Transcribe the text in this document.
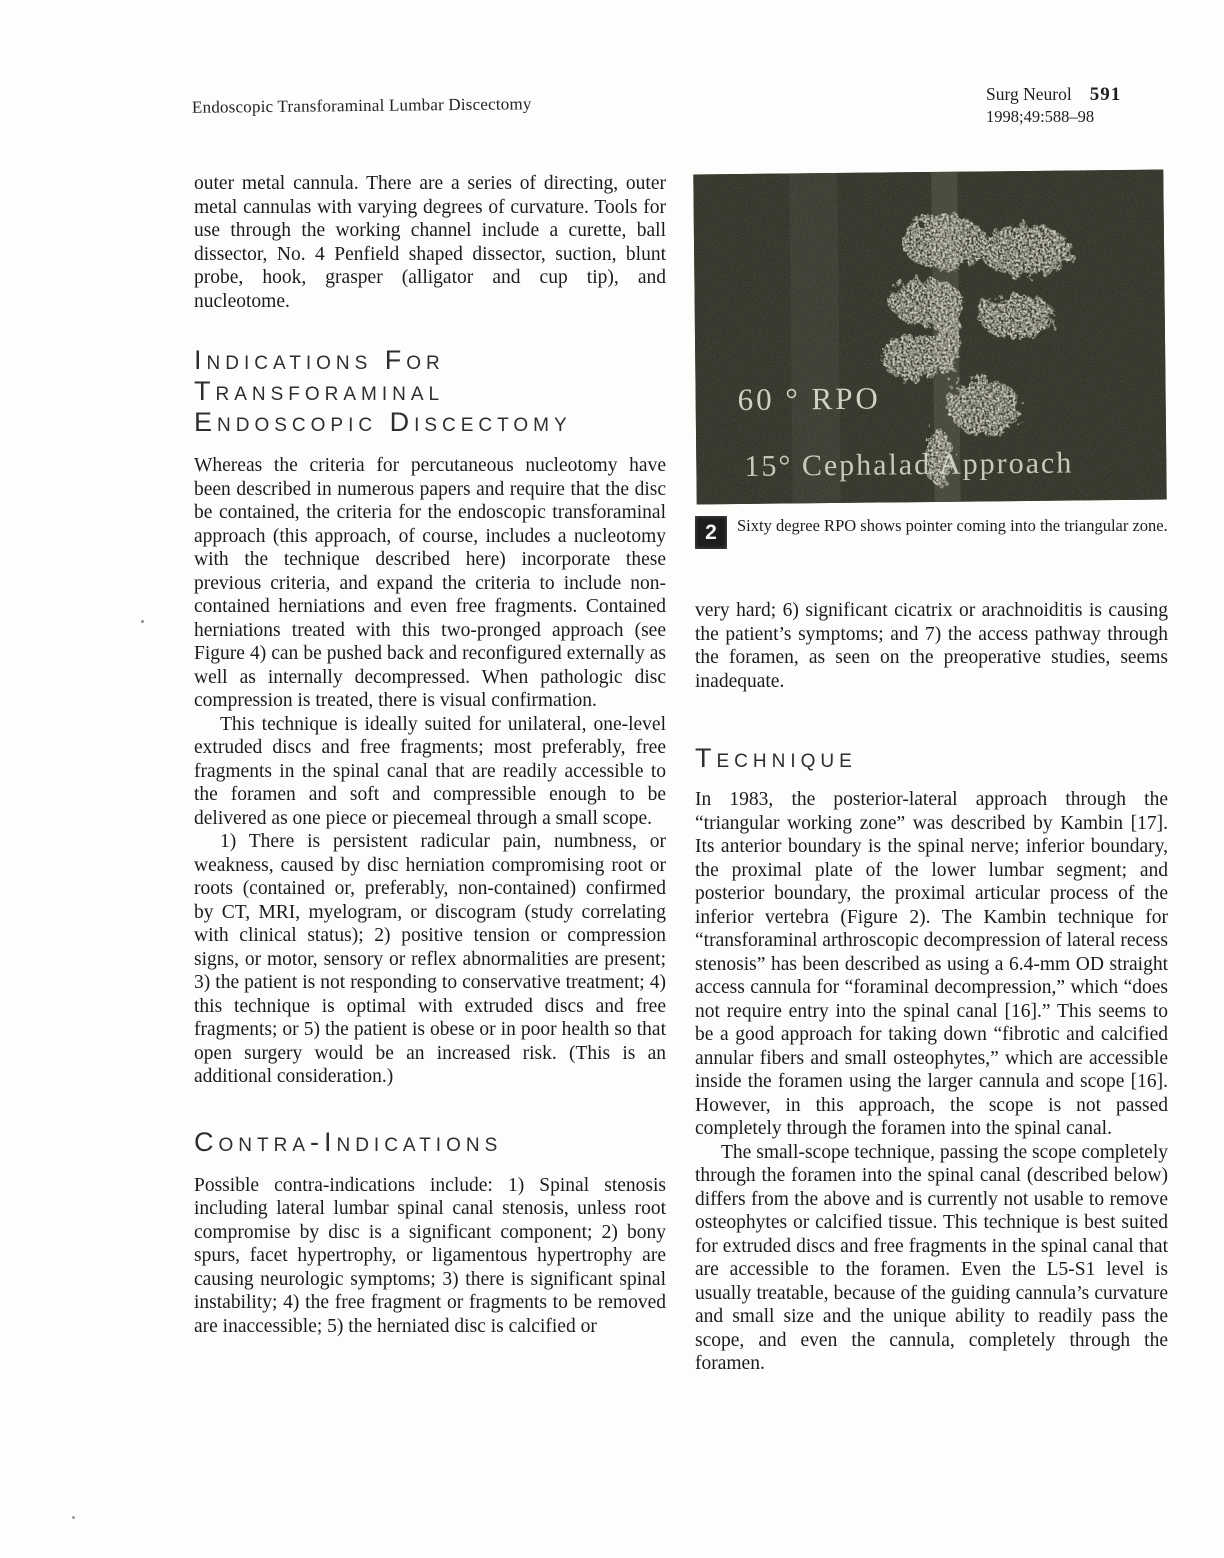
Endoscopic Transforaminal Lumbar Discectomy
Surg Neurol 591
1998;49:588–98

outer metal cannula. There are a series of directing, outer metal cannulas with varying degrees of curvature. Tools for use through the working channel include a curette, ball dissector, No. 4 Penfield shaped dissector, suction, blunt probe, hook, grasper (alligator and cup tip), and nucleotome.

Indications For
Transforaminal
Endoscopic Discectomy

Whereas the criteria for percutaneous nucleotomy have been described in numerous papers and require that the disc be contained, the criteria for the endoscopic transforaminal approach (this approach, of course, includes a nucleotomy with the technique described here) incorporate these previous criteria, and expand the criteria to include non-contained herniations and even free fragments. Contained herniations treated with this two-pronged approach (see Figure 4) can be pushed back and reconfigured externally as well as internally decompressed. When pathologic disc compression is treated, there is visual confirmation.

This technique is ideally suited for unilateral, one-level extruded discs and free fragments; most preferably, free fragments in the spinal canal that are readily accessible to the foramen and soft and compressible enough to be delivered as one piece or piecemeal through a small scope.

1) There is persistent radicular pain, numbness, or weakness, caused by disc herniation compromising root or roots (contained or, preferably, non-contained) confirmed by CT, MRI, myelogram, or discogram (study correlating with clinical status); 2) positive tension or compression signs, or motor, sensory or reflex abnormalities are present; 3) the patient is not responding to conservative treatment; 4) this technique is optimal with extruded discs and free fragments; or 5) the patient is obese or in poor health so that open surgery would be an increased risk. (This is an additional consideration.)

Contra-Indications

Possible contra-indications include: 1) Spinal stenosis including lateral lumbar spinal canal stenosis, unless root compromise by disc is a significant component; 2) bony spurs, facet hypertrophy, or ligamentous hypertrophy are causing neurologic symptoms; 3) there is significant spinal instability; 4) the free fragment or fragments to be removed are inaccessible; 5) the herniated disc is calcified or

60 ° RPO
15° Cephalad Approach
2	Sixty degree RPO shows pointer coming into the triangular zone.

very hard; 6) significant cicatrix or arachnoiditis is causing the patient’s symptoms; and 7) the access pathway through the foramen, as seen on the preoperative studies, seems inadequate.

Technique

In 1983, the posterior-lateral approach through the “triangular working zone” was described by Kambin [17]. Its anterior boundary is the spinal nerve; inferior boundary, the proximal plate of the lower lumbar segment; and posterior boundary, the proximal articular process of the inferior vertebra (Figure 2). The Kambin technique for “transforaminal arthroscopic decompression of lateral recess stenosis” has been described as using a 6.4-mm OD straight access cannula for “foraminal decompression,” which “does not require entry into the spinal canal [16].” This seems to be a good approach for taking down “fibrotic and calcified annular fibers and small osteophytes,” which are accessible inside the foramen using the larger cannula and scope [16]. However, in this approach, the scope is not passed completely through the foramen into the spinal canal.

The small-scope technique, passing the scope completely through the foramen into the spinal canal (described below) differs from the above and is currently not usable to remove osteophytes or calcified tissue. This technique is best suited for extruded discs and free fragments in the spinal canal that are accessible to the foramen. Even the L5-S1 level is usually treatable, because of the guiding cannula’s curvature and small size and the unique ability to readily pass the scope, and even the cannula, completely through the foramen.
